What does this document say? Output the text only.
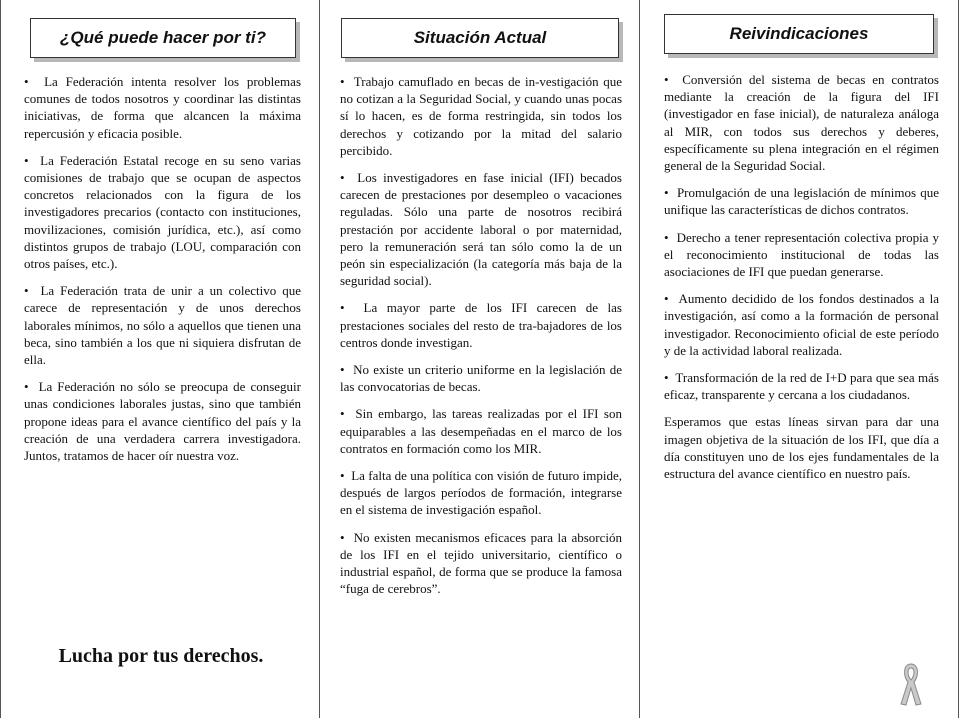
¿Qué puede hacer por ti?

•  La Federación intenta resolver los problemas comunes de todos nosotros y coordinar las distintas iniciativas, de forma que alcancen la máxima repercusión y eficacia posible.

•  La Federación Estatal recoge en su seno varias comisiones de trabajo que se ocupan de aspectos concretos relacionados con la figura de los investigadores precarios (contacto con instituciones, movilizaciones, comisión jurídica, etc.), así como distintos grupos de trabajo (LOU, comparación con otros países, etc.).

•  La Federación trata de unir a un colectivo que carece de representación y de unos derechos laborales mínimos, no sólo a aquellos que tienen una beca, sino también a los que ni siquiera disfrutan de ella.

•  La Federación no sólo se preocupa de conseguir unas condiciones laborales justas, sino que también propone ideas para el avance científico del país y la creación de una verdadera carrera investigadora. Juntos, tratamos de hacer oír nuestra voz.

Lucha por tus derechos.
Situación Actual

•  Trabajo camuflado en becas de in-vestigación que no cotizan a la Seguridad Social, y cuando unas pocas sí lo hacen, es de forma restringida, sin todos los derechos y cotizando por la mitad del salario percibido.

•  Los investigadores en fase inicial (IFI) becados carecen de prestaciones por desempleo o vacaciones reguladas. Sólo una parte de nosotros recibirá prestación por accidente laboral o por maternidad, pero la remuneración será tan sólo como la de un peón sin especialización (la categoría más baja de la seguridad social).

•  La mayor parte de los IFI carecen de las prestaciones sociales del resto de tra-bajadores de los centros donde investigan.

•  No existe un criterio uniforme en la legislación de las convocatorias de becas.

•  Sin embargo, las tareas realizadas por el IFI son equiparables a las desempeñadas en el marco de los contratos en formación como los MIR.

•  La falta de una política con visión de futuro impide, después de largos períodos de formación, integrarse en el sistema de investigación español.

•  No existen mecanismos eficaces para la absorción de los IFI en el tejido universitario, científico o industrial español, de forma que se produce la famosa “fuga de cerebros”.

Reivindicaciones

•  Conversión del sistema de becas en contratos mediante la creación de la figura del IFI (investigador en fase inicial), de naturaleza análoga al MIR, con todos sus derechos y deberes, específicamente su plena integración en el régimen general de la Seguridad Social.

•  Promulgación de una legislación de mínimos que unifique las características de dichos contratos.

•  Derecho a tener representación colectiva propia y el reconocimiento institucional de todas las asociaciones de IFI que puedan generarse.

•  Aumento decidido de los fondos destinados a la investigación, así como a la formación de personal investigador. Reconocimiento oficial de este período y de la actividad laboral realizada.

•  Transformación de la red de I+D para que sea más eficaz, transparente y cercana a los ciudadanos.

Esperamos que estas líneas sirvan para dar una imagen objetiva de la situación de los IFI, que día a día constituyen uno de los ejes fundamentales de la estructura del avance científico en nuestro país.
